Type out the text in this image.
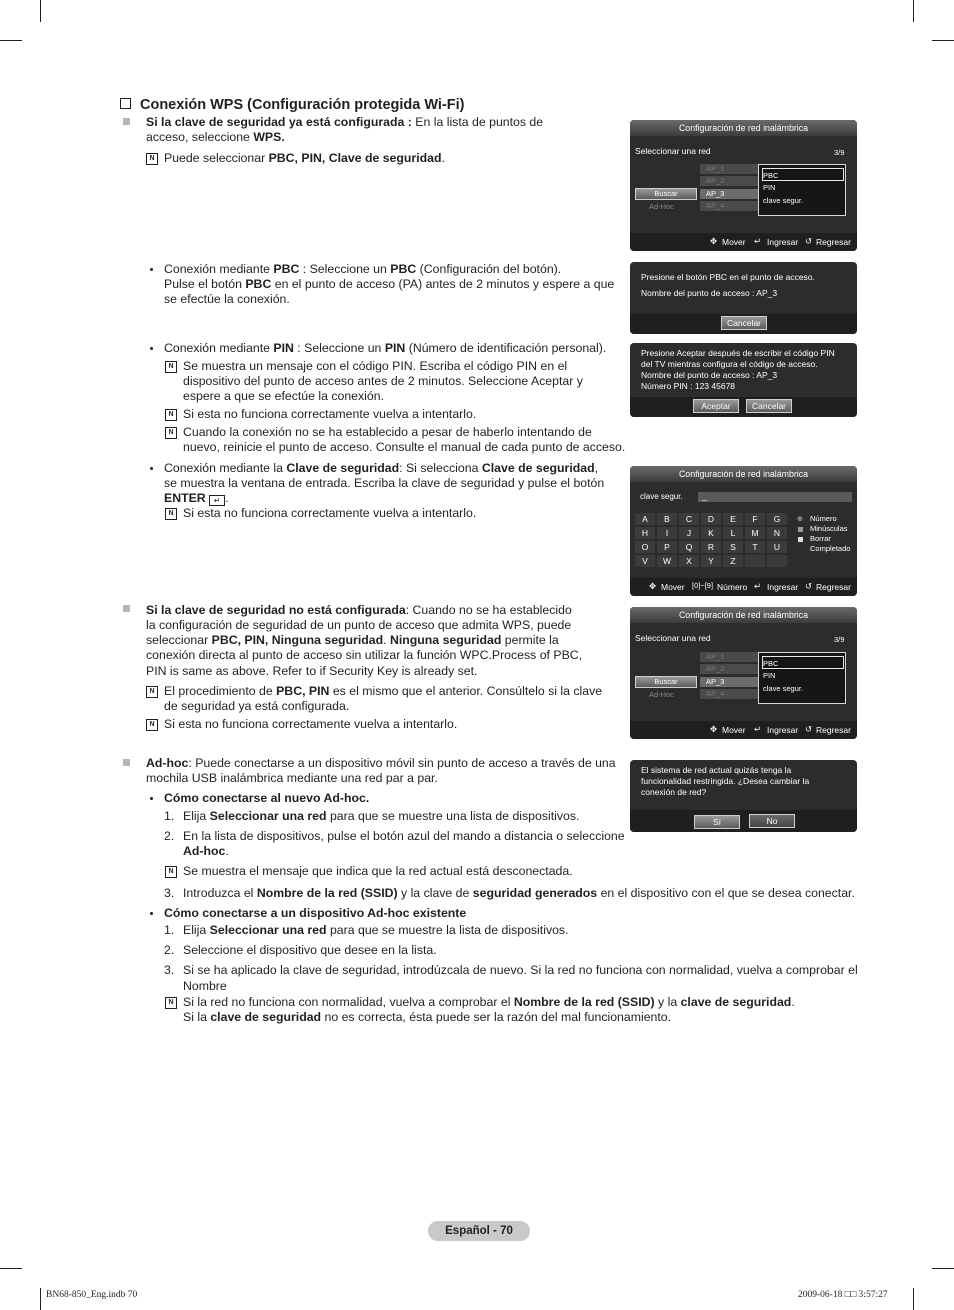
Conexión WPS (Configuración protegida Wi-Fi)
Si la clave de seguridad ya está configurada : En la lista de puntos de
acceso, seleccione WPS.
N Puede seleccionar PBC, PIN, Clave de seguridad.
Conexión mediante PBC : Seleccione un PBC (Configuración del botón).
Pulse el botón PBC en el punto de acceso (PA) antes de 2 minutos y espere a que
se efectúe la conexión.
Conexión mediante PIN : Seleccione un PIN (Número de identificación personal).
N Se muestra un mensaje con el código PIN. Escriba el código PIN en el
dispositivo del punto de acceso antes de 2 minutos. Seleccione Aceptar y
espere a que se efectúe la conexión.
N Si esta no funciona correctamente vuelva a intentarlo.
N Cuando la conexión no se ha establecido a pesar de haberlo intentando de
nuevo, reinicie el punto de acceso. Consulte el manual de cada punto de acceso.
Conexión mediante la Clave de seguridad: Si selecciona Clave de seguridad,
se muestra la ventana de entrada. Escriba la clave de seguridad y pulse el botón
ENTER ↵ .
N Si esta no funciona correctamente vuelva a intentarlo.
Si la clave de seguridad no está configurada: Cuando no se ha establecido
la configuración de seguridad de un punto de acceso que admita WPS, puede
seleccionar PBC, PIN, Ninguna seguridad. Ninguna seguridad permite la
conexión directa al punto de acceso sin utilizar la función WPC.Process of PBC,
PIN is same as above. Refer to if Security Key is already set.
N El procedimiento de PBC, PIN es el mismo que el anterior. Consúltelo si la clave
de seguridad ya está configurada.
N Si esta no funciona correctamente vuelva a intentarlo.
Ad-hoc: Puede conectarse a un dispositivo móvil sin punto de acceso a través de una
mochila USB inalámbrica mediante una red par a par.
Cómo conectarse al nuevo Ad-hoc.
1. Elija Seleccionar una red para que se muestre una lista de dispositivos.
2. En la lista de dispositivos, pulse el botón azul del mando a distancia o seleccione
Ad-hoc.
N Se muestra el mensaje que indica que la red actual está desconectada.
3. Introduzca el Nombre de la red (SSID) y la clave de seguridad generados en el dispositivo con el que se desea conectar.
Cómo conectarse a un dispositivo Ad-hoc existente
1. Elija Seleccionar una red para que se muestre la lista de dispositivos.
2. Seleccione el dispositivo que desee en la lista.
3. Si se ha aplicado la clave de seguridad, introdúzcala de nuevo. Si la red no funciona con normalidad, vuelva a comprobar el
Nombre
N Si la red no funciona con normalidad, vuelva a comprobar el Nombre de la red (SSID) y la clave de seguridad.
Si la clave de seguridad no es correcta, ésta puede ser la razón del mal funcionamiento.
Configuración de red inalámbrica
Seleccionar una red	3/9
AP_1
AP_2
AP_3
AP_4
Buscar
Ad-Hoc
PBC
PIN
clave segur.
✥ Mover ↵ Ingresar ↺ Regresar
Presione el botón PBC en el punto de acceso.
Nombre del punto de acceso : AP_3
Cancelar
Presione Aceptar después de escribir el código PIN
del TV mientras configura el código de acceso.
Nombre del punto de acceso : AP_3
Número PIN : 123 45678
Aceptar	Cancelar
Configuración de red inalámbrica
clave segur. _
A	B	C	D	E	F	G
H	I	J	K	L	M	N
O	P	Q	R	S	T	U
V	W	X	Y	Z
⊕ Número
Minúsculas
Borrar
Completado
✥ Mover [0]~[9] Número ↵ Ingresar ↺ Regresar
Configuración de red inalámbrica
Seleccionar una red	3/9
AP_1
AP_2
AP_3
AP_4
Buscar
Ad-Hoc
PBC
PIN
clave segur.
✥ Mover ↵ Ingresar ↺ Regresar
El sistema de red actual quizás tenga la
funcionalidad restringida. ¿Desea cambiar la
conexión de red?
Sí	No
Español - 70
BN68-850_Eng.indb 70	2009-06-18 □□ 3:57:27
